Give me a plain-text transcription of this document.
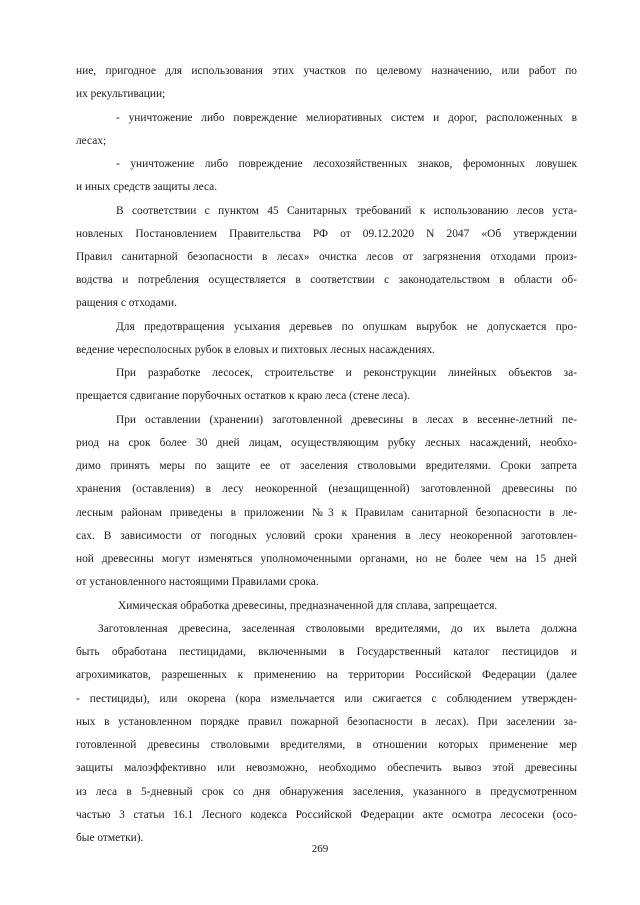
ние, пригодное для использования этих участков по целевому назначению, или работ по
их рекультивации;
- уничтожение либо повреждение мелиоративных систем и дорог, расположенных в
лесах;
- уничтожение либо повреждение лесохозяйственных знаков, феромонных ловушек
и иных средств защиты леса.
В соответствии с пунктом 45 Санитарных требований к использованию лесов уста-
новленых Постановлением Правительства РФ от 09.12.2020 N 2047 «Об утверждении
Правил санитарной безопасности в лесах» очистка лесов от загрязнения отходами произ-
водства и потребления осуществляется в соответствии с законодательством в области об-
ращения с отходами.
Для предотвращения усыхания деревьев по опушкам вырубок не допускается про-
ведение чересполосных рубок в еловых и пихтовых лесных насаждениях.
При разработке лесосек, строительстве и реконструкции линейных объектов за-
прещается сдвигание порубочных остатков к краю леса (стене леса).
При оставлении (хранении) заготовленной древесины в лесах в весенне-летний пе-
риод на срок более 30 дней лицам, осуществляющим рубку лесных насаждений, необхо-
димо принять меры по защите ее от заселения стволовыми вредителями. Сроки запрета
хранения (оставления) в лесу неокоренной (незащищенной) заготовленной древесины по
лесным районам приведены в приложении №3 к Правилам санитарной безопасности в ле-
сах. В зависимости от погодных условий сроки хранения в лесу неокоренной заготовлен-
ной древесины могут изменяться уполномоченными органами, но не более чем на 15 дней
от установленного настоящими Правилами срока.
Химическая обработка древесины, предназначенной для сплава, запрещается.
Заготовленная древесина, заселенная стволовыми вредителями, до их вылета должна
быть обработана пестицидами, включенными в Государственный каталог пестицидов и
агрохимикатов, разрешенных к применению на территории Российской Федерации (далее
- пестициды), или окорена (кора измельчается или сжигается с соблюдением утвержден-
ных в установленном порядке правил пожарной безопасности в лесах). При заселении за-
готовленной древесины стволовыми вредителями, в отношении которых применение мер
защиты малоэффективно или невозможно, необходимо обеспечить вывоз этой древесины
из леса в 5-дневный срок со дня обнаружения заселения, указанного в предусмотренном
частью 3 статьи 16.1 Лесного кодекса Российской Федерации акте осмотра лесосеки (осо-
бые отметки).
269
